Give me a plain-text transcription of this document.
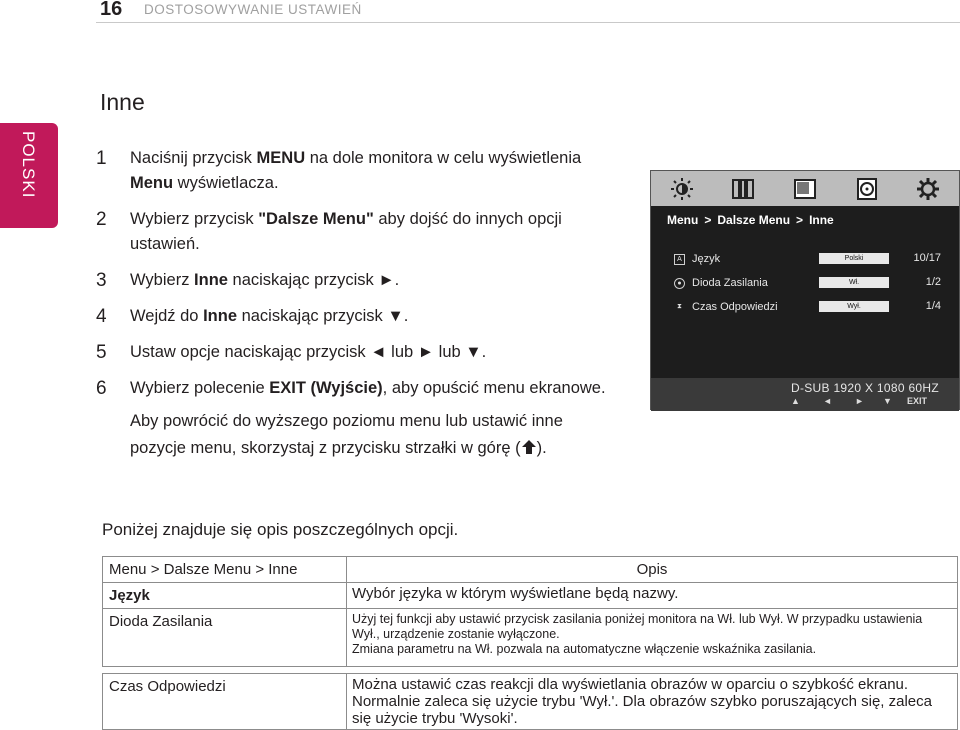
16 DOSTOSOWYWANIE USTAWIEŃ
POLSKI
Inne
1 Naciśnij przycisk MENU na dole monitora w celu wyświetlenia Menu wyświetlacza.
2 Wybierz przycisk "Dalsze Menu" aby dojść do innych opcji ustawień.
3 Wybierz Inne naciskając przycisk ►.
4 Wejdź do Inne naciskając przycisk ▼.
5 Ustaw opcje naciskając przycisk ◄ lub ► lub ▼.
6 Wybierz polecenie EXIT (Wyjście), aby opuścić menu ekranowe.
Aby powrócić do wyższego poziomu menu lub ustawić inne pozycje menu, skorzystaj z przycisku strzałki w górę ( ).
Menu > Dalsze Menu > Inne
A Język	Polski	10/17
● Dioda Zasilania	Wł.	1/2
⧗ Czas Odpowiedzi	Wył.	1/4
D-SUB 1920 X 1080 60HZ
▲	◄	► ▼ EXIT
Poniżej znajduje się opis poszczególnych opcji.
Menu > Dalsze Menu > Inne	Opis
Język	Wybór języka w którym wyświetlane będą nazwy.
Dioda Zasilania	Użyj tej funkcji aby ustawić przycisk zasilania poniżej monitora na Wł. lub Wył. W przypadku ustawienia Wył., urządzenie zostanie wyłączone.
Zmiana parametru na Wł. pozwala na automatyczne włączenie wskaźnika zasilania.

Czas Odpowiedzi	Można ustawić czas reakcji dla wyświetlania obrazów w oparciu o szybkość ekranu. Normalnie zaleca się użycie trybu 'Wył.'. Dla obrazów szybko poruszających się, zaleca się użycie trybu 'Wysoki'.
